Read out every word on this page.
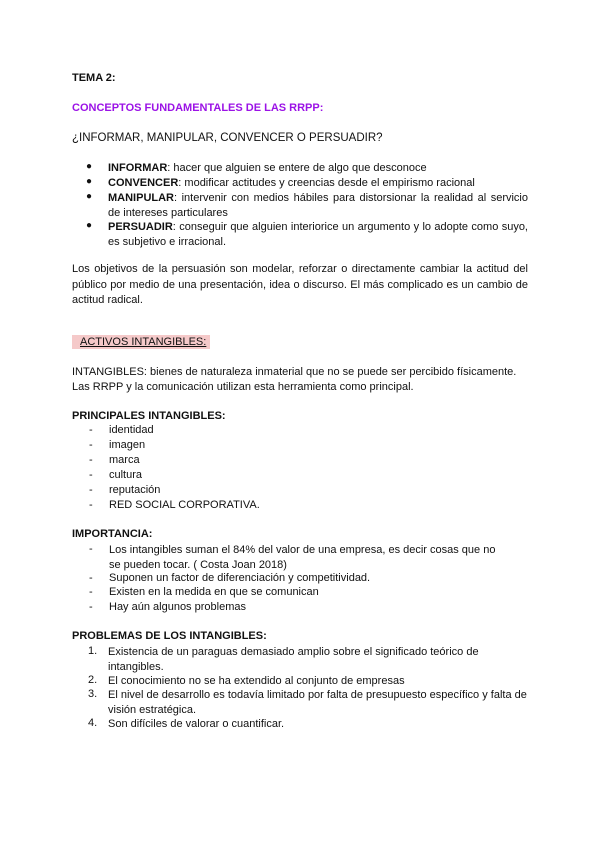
TEMA 2:
CONCEPTOS FUNDAMENTALES DE LAS RRPP:
¿INFORMAR, MANIPULAR, CONVENCER O PERSUADIR?
● INFORMAR: hacer que alguien se entere de algo que desconoce
● CONVENCER: modificar actitudes y creencias desde el empirismo racional
● MANIPULAR: intervenir con medios hábiles para distorsionar la realidad al servicio de intereses particulares
● PERSUADIR: conseguir que alguien interiorice un argumento y lo adopte como suyo, es subjetivo e irracional.
Los objetivos de la persuasión son modelar, reforzar o directamente cambiar la actitud del público por medio de una presentación, idea o discurso. El más complicado es un cambio de actitud radical.
ACTIVOS INTANGIBLES:
INTANGIBLES: bienes de naturaleza inmaterial que no se puede ser percibido físicamente.
Las RRPP y la comunicación utilizan esta herramienta como principal.
PRINCIPALES INTANGIBLES:
- identidad
- imagen
- marca
- cultura
- reputación
- RED SOCIAL CORPORATIVA.
IMPORTANCIA:
- Los intangibles suman el 84% del valor de una empresa, es decir cosas que no se pueden tocar. ( Costa Joan 2018)
- Suponen un factor de diferenciación y competitividad.
- Existen en la medida en que se comunican
- Hay aún algunos problemas
PROBLEMAS DE LOS INTANGIBLES:
1. Existencia de un paraguas demasiado amplio sobre el significado teórico de intangibles.
2. El conocimiento no se ha extendido al conjunto de empresas
3. El nivel de desarrollo es todavía limitado por falta de presupuesto específico y falta de visión estratégica.
4. Son difíciles de valorar o cuantificar.
